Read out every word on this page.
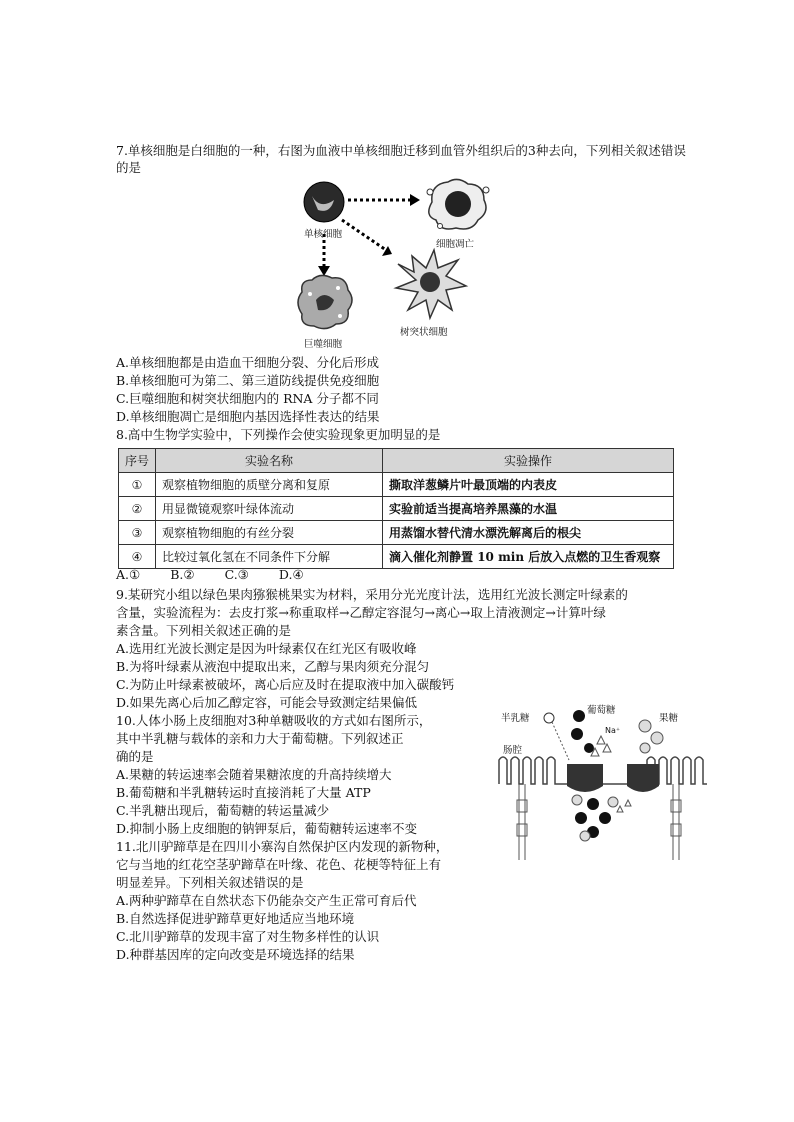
7.单核细胞是白细胞的一种，右图为血液中单核细胞迁移到血管外组织后的3种去向，下列相关叙述错误的是
单核细胞
细胞凋亡
巨噬细胞
树突状细胞
A.单核细胞都是由造血干细胞分裂、分化后形成
B.单核细胞可为第二、第三道防线提供免疫细胞
C.巨噬细胞和树突状细胞内的 RNA 分子都不同
D.单核细胞凋亡是细胞内基因选择性表达的结果
8.高中生物学实验中，下列操作会使实验现象更加明显的是
序号	实验名称	实验操作
①	观察植物细胞的质壁分离和复原	撕取洋葱鳞片叶最顶端的内表皮
②	用显微镜观察叶绿体流动	实验前适当提高培养黑藻的水温
③	观察植物细胞的有丝分裂	用蒸馏水替代清水漂洗解离后的根尖
④	比较过氧化氢在不同条件下分解	滴入催化剂静置 10 min 后放入点燃的卫生香观察
A.① B.② C.③ D.④
9.某研究小组以绿色果肉猕猴桃果实为材料，采用分光光度计法，选用红光波长测定叶绿素的
含量，实验流程为：去皮打浆→称重取样→乙醇定容混匀→离心→取上清液测定→计算叶绿
素含量。下列相关叙述正确的是
A.选用红光波长测定是因为叶绿素仅在红光区有吸收峰
B.为将叶绿素从液泡中提取出来，乙醇与果肉须充分混匀
C.为防止叶绿素被破坏，离心后应及时在提取液中加入碳酸钙
D.如果先离心后加乙醇定容，可能会导致测定结果偏低
10.人体小肠上皮细胞对3种单糖吸收的方式如右图所示，
其中半乳糖与载体的亲和力大于葡萄糖。下列叙述正
确的是
A.果糖的转运速率会随着果糖浓度的升高持续增大
B.葡萄糖和半乳糖转运时直接消耗了大量 ATP
C.半乳糖出现后，葡萄糖的转运量减少
D.抑制小肠上皮细胞的钠钾泵后，葡萄糖转运速率不变
半乳糖
葡萄糖
果糖
肠腔
Na⁺
11.北川驴蹄草是在四川小寨沟自然保护区内发现的新物种，
它与当地的红花空茎驴蹄草在叶缘、花色、花梗等特征上有
明显差异。下列相关叙述错误的是
A.两种驴蹄草在自然状态下仍能杂交产生正常可育后代
B.自然选择促进驴蹄草更好地适应当地环境
C.北川驴蹄草的发现丰富了对生物多样性的认识
D.种群基因库的定向改变是环境选择的结果
